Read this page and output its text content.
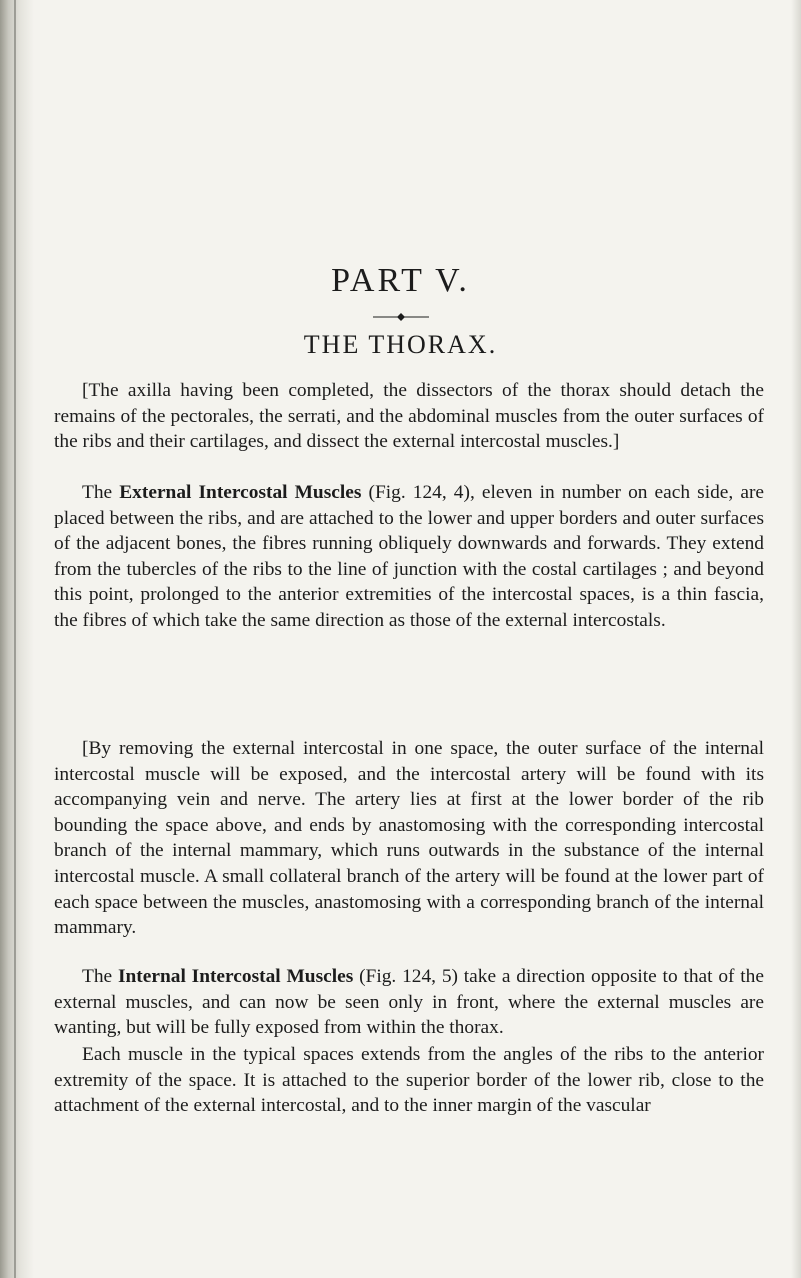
PART V.
THE THORAX.

[The axilla having been completed, the dissectors of the thorax should detach the remains of the pectorales, the serrati, and the abdominal muscles from the outer surfaces of the ribs and their cartilages, and dissect the external intercostal muscles.]

The External Intercostal Muscles (Fig. 124, 4), eleven in number on each side, are placed between the ribs, and are attached to the lower and upper borders and outer surfaces of the adjacent bones, the fibres running obliquely downwards and forwards. They extend from the tubercles of the ribs to the line of junction with the costal cartilages ; and beyond this point, prolonged to the anterior extremities of the intercostal spaces, is a thin fascia, the fibres of which take the same direction as those of the external intercostals.

[By removing the external intercostal in one space, the outer surface of the internal intercostal muscle will be exposed, and the intercostal artery will be found with its accompanying vein and nerve. The artery lies at first at the lower border of the rib bounding the space above, and ends by anastomosing with the corresponding intercostal branch of the internal mammary, which runs outwards in the substance of the internal intercostal muscle. A small collateral branch of the artery will be found at the lower part of each space between the muscles, anastomosing with a corresponding branch of the internal mammary.

The Internal Intercostal Muscles (Fig. 124, 5) take a direction opposite to that of the external muscles, and can now be seen only in front, where the external muscles are wanting, but will be fully exposed from within the thorax.

Each muscle in the typical spaces extends from the angles of the ribs to the anterior extremity of the space. It is attached to the superior border of the lower rib, close to the attachment of the external intercostal, and to the inner margin of the vascular
